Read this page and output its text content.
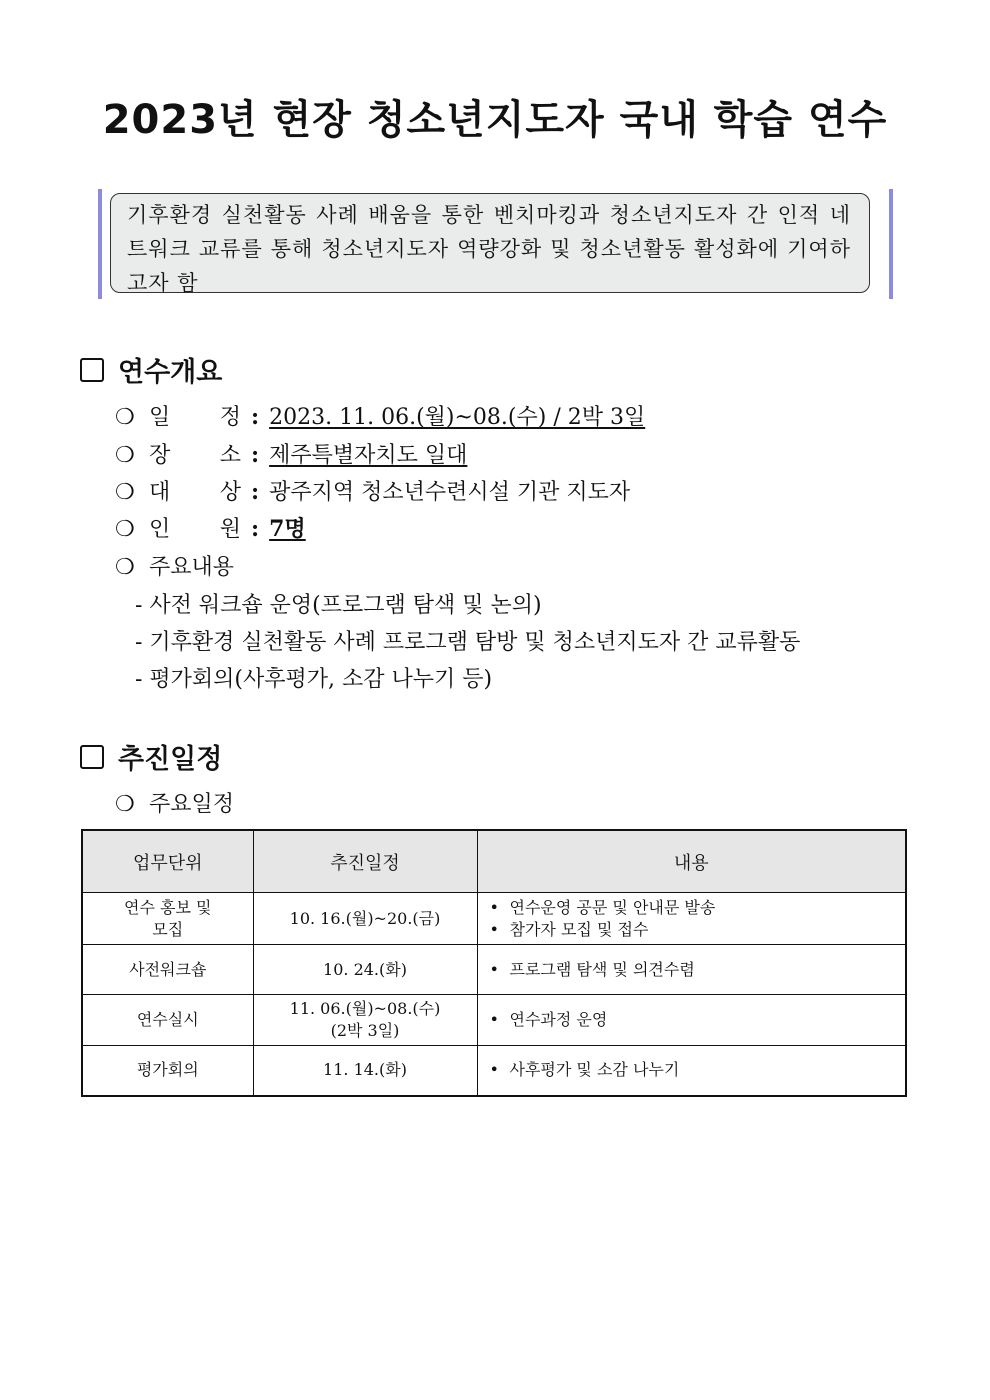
2023년 현장 청소년지도자 국내 학습 연수
기후환경 실천활동 사례 배움을 통한 벤치마킹과 청소년지도자 간 인적 네트워크 교류를 통해 청소년지도자 역량강화 및 청소년활동 활성화에 기여하고자 함
연수개요
❍ 일 정 : 2023. 11. 06.(월)~08.(수) / 2박 3일
❍ 장 소 : 제주특별자치도 일대
❍ 대 상 : 광주지역 청소년수련시설 기관 지도자
❍ 인 원 : 7명
❍ 주요내용
- 사전 워크숍 운영(프로그램 탐색 및 논의)
- 기후환경 실천활동 사례 프로그램 탐방 및 청소년지도자 간 교류활동
- 평가회의(사후평가, 소감 나누기 등)
추진일정
❍ 주요일정
업무단위	추진일정	내용
연수 홍보 및
모집	10. 16.(월)~20.(금)	• 연수운영 공문 및 안내문 발송
• 참가자 모집 및 접수

사전워크숍	10. 24.(화)	• 프로그램 탐색 및 의견수렴

연수실시	11. 06.(월)~08.(수)
(2박 3일)	• 연수과정 운영

평가회의	11. 14.(화)	• 사후평가 및 소감 나누기
